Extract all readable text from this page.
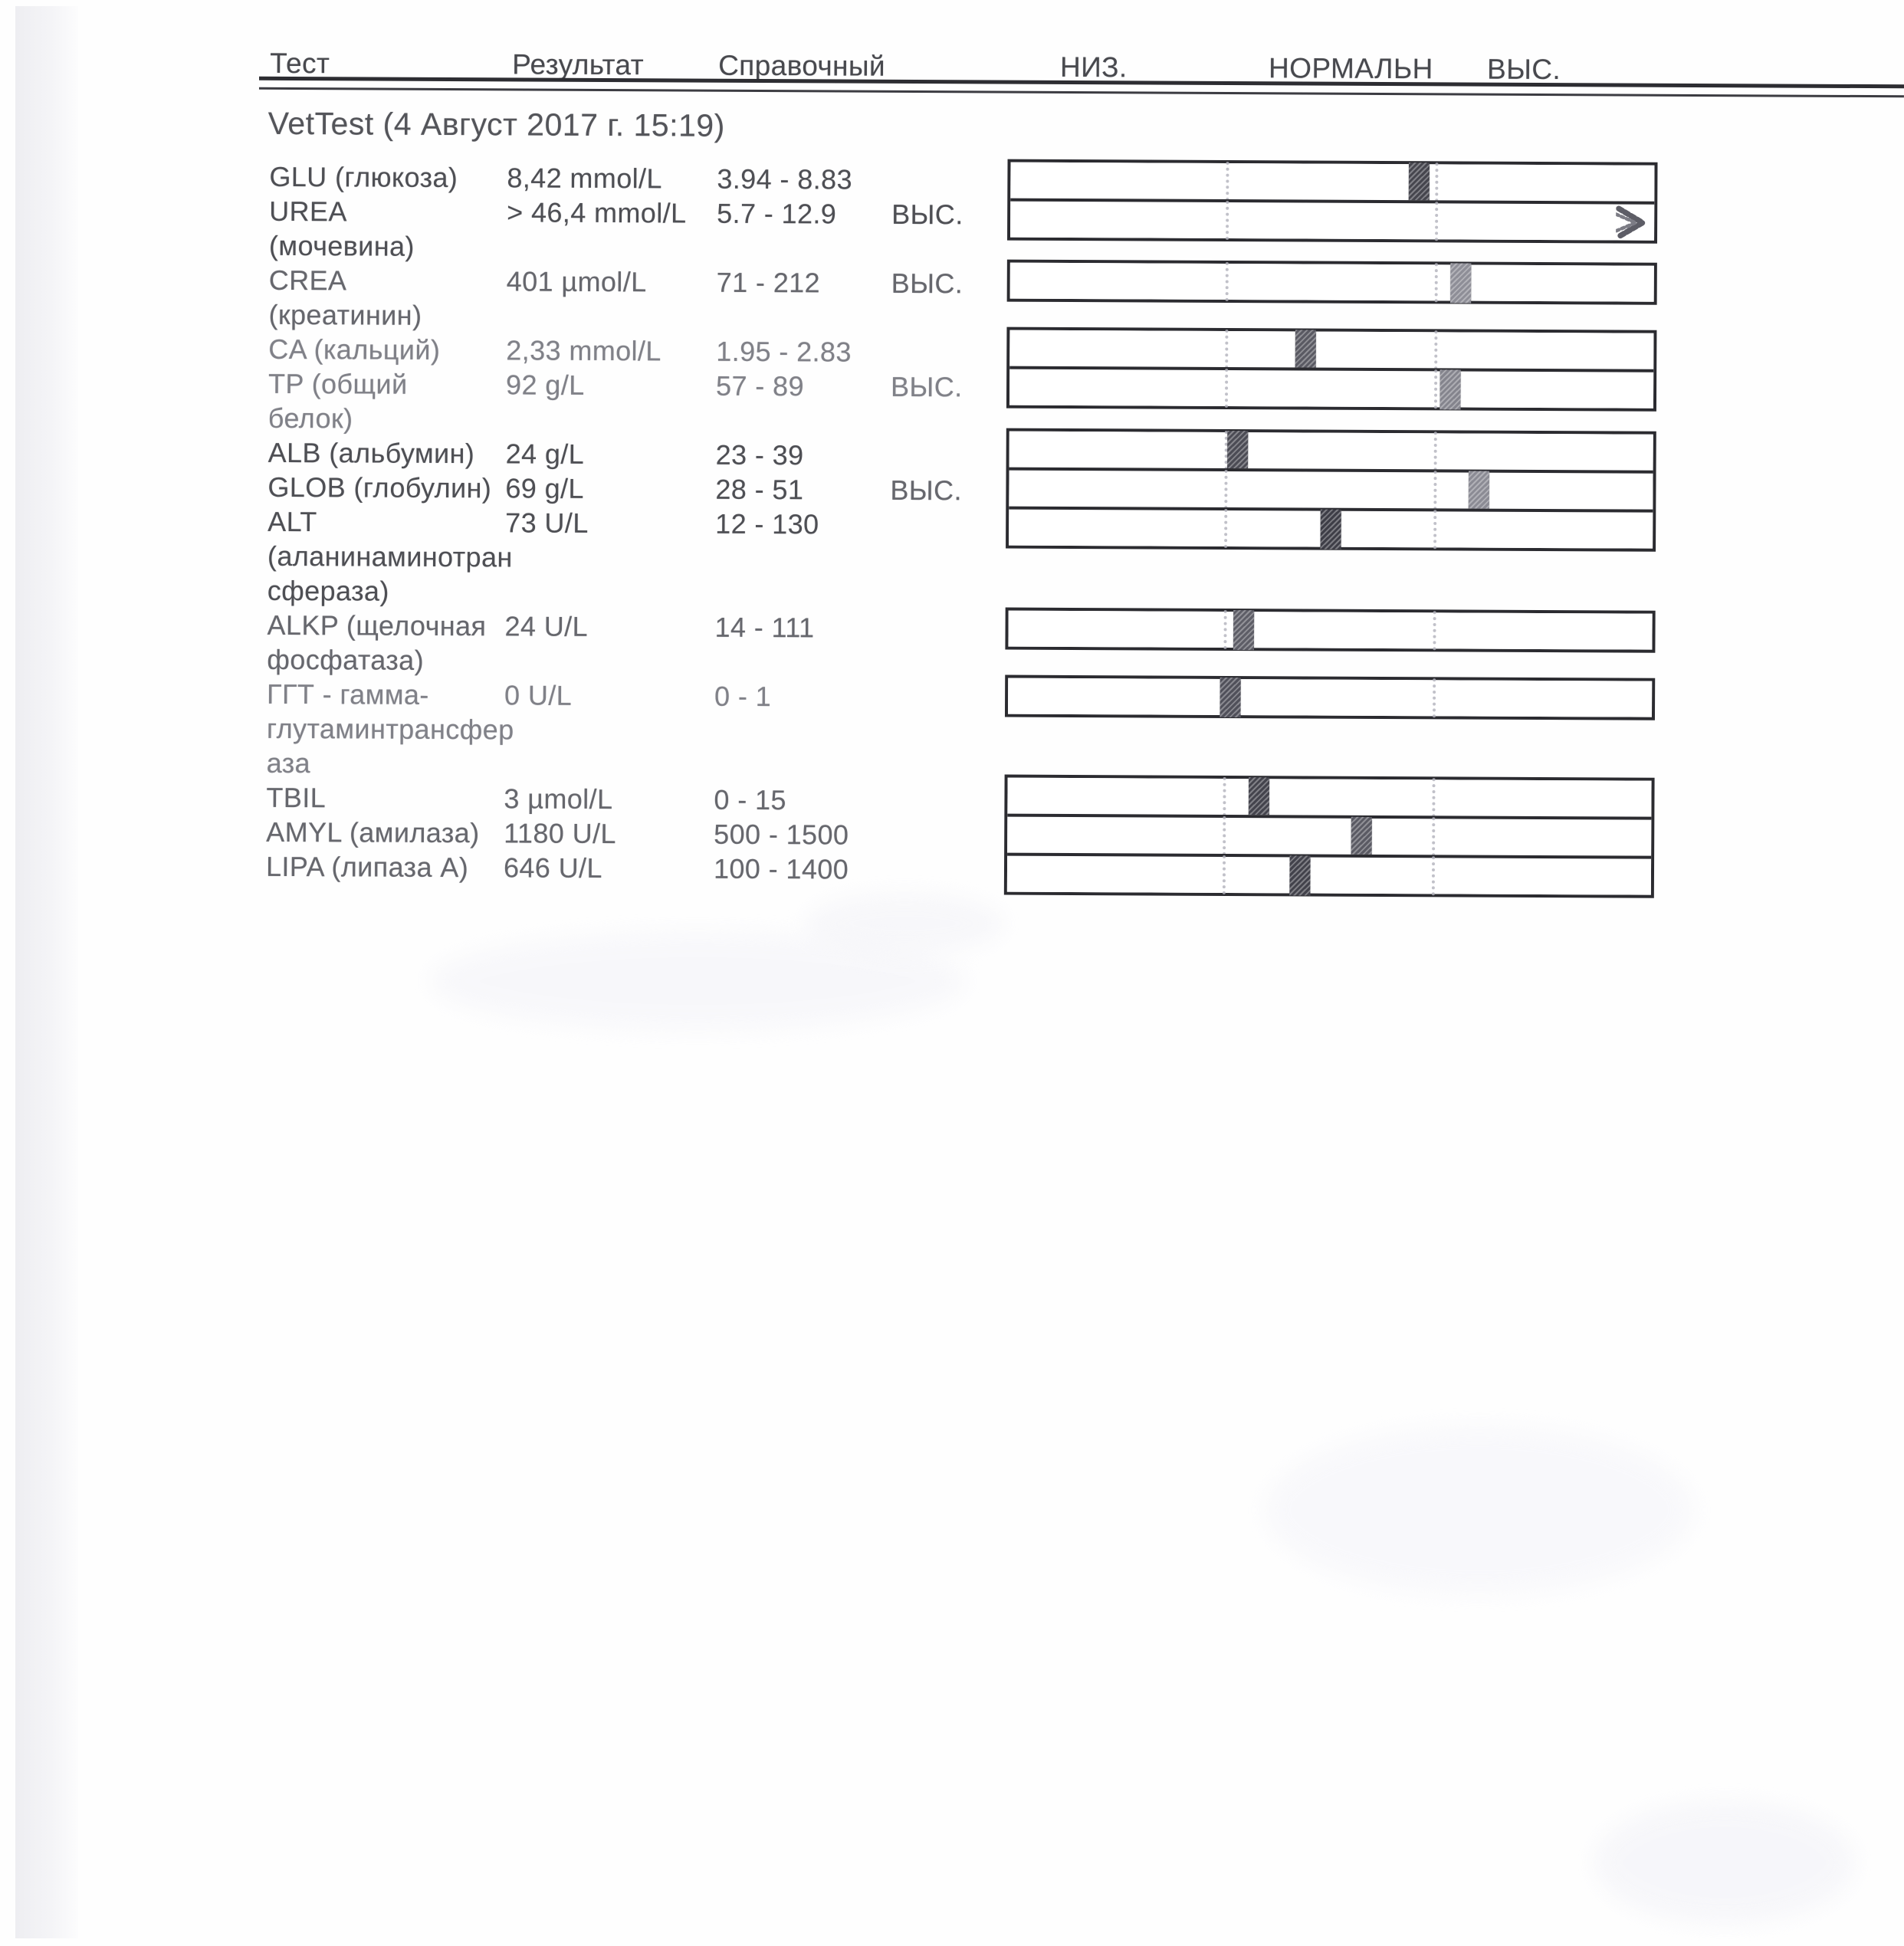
Тест	Результат	Справочный	НИЗ.	НОРМАЛЬН ВЫС.
VetTest (4 Август 2017 г. 15:19)
GLU (глюкоза) 8,42 mmol/L 3.94 - 8.83
UREA	> 46,4 mmol/L 5.7 - 12.9 ВЫС.
(мочевина)
CREA	401 µmol/L	71 - 212	ВЫС.
(креатинин)
CA (кальций) 2,33 mmol/L 1.95 - 2.83
TP (общий	92 g/L	57 - 89	ВЫС.
белок)
ALB (альбумин) 24 g/L	23 - 39
GLOB (глобулин) 69 g/L	28 - 51	ВЫС.
ALT	73 U/L	12 - 130
(аланинаминотран
сфераза)
ALKP (щелочная 24 U/L	14 - 111
фосфатаза)
ГГТ - гамма-	0 U/L	0 - 1
глутаминтрансфер
аза
TBIL	3 µmol/L	0 - 15
AMYL (амилаза) 1180 U/L	500 - 1500
LIPA (липаза А) 646 U/L	100 - 1400
